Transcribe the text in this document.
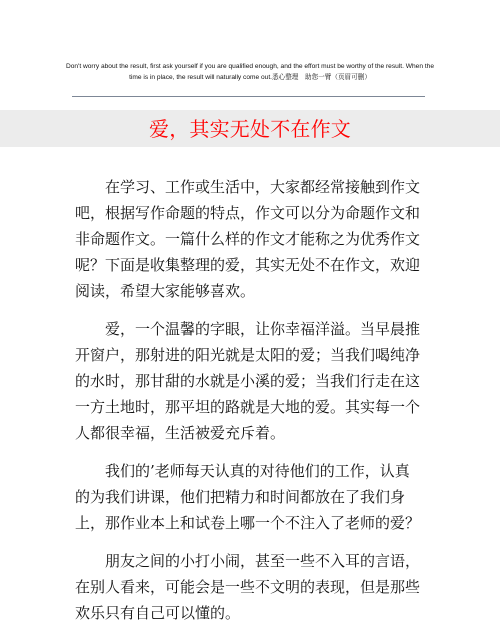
Don't worry about the result, first ask yourself if you are qualified enough, and the effort must be worthy of the result. When the time is in place, the result will naturally come out.悉心整理　助您一臂（页眉可删）
爱，其实无处不在作文

在学习、工作或生活中，大家都经常接触到作文吧，根据写作命题的特点，作文可以分为命题作文和非命题作文。一篇什么样的作文才能称之为优秀作文呢？下面是收集整理的爱，其实无处不在作文，欢迎阅读，希望大家能够喜欢。

爱，一个温馨的字眼，让你幸福洋溢。当早晨推开窗户，那射进的阳光就是太阳的爱；当我们喝纯净的水时，那甘甜的水就是小溪的爱；当我们行走在这一方土地时，那平坦的路就是大地的爱。其实每一个人都很幸福，生活被爱充斥着。

我们的’老师每天认真的对待他们的工作，认真的为我们讲课，他们把精力和时间都放在了我们身上，那作业本上和试卷上哪一个不注入了老师的爱？

朋友之间的小打小闹，甚至一些不入耳的言语，在别人看来，可能会是一些不文明的表现，但是那些欢乐只有自己可以懂的。
